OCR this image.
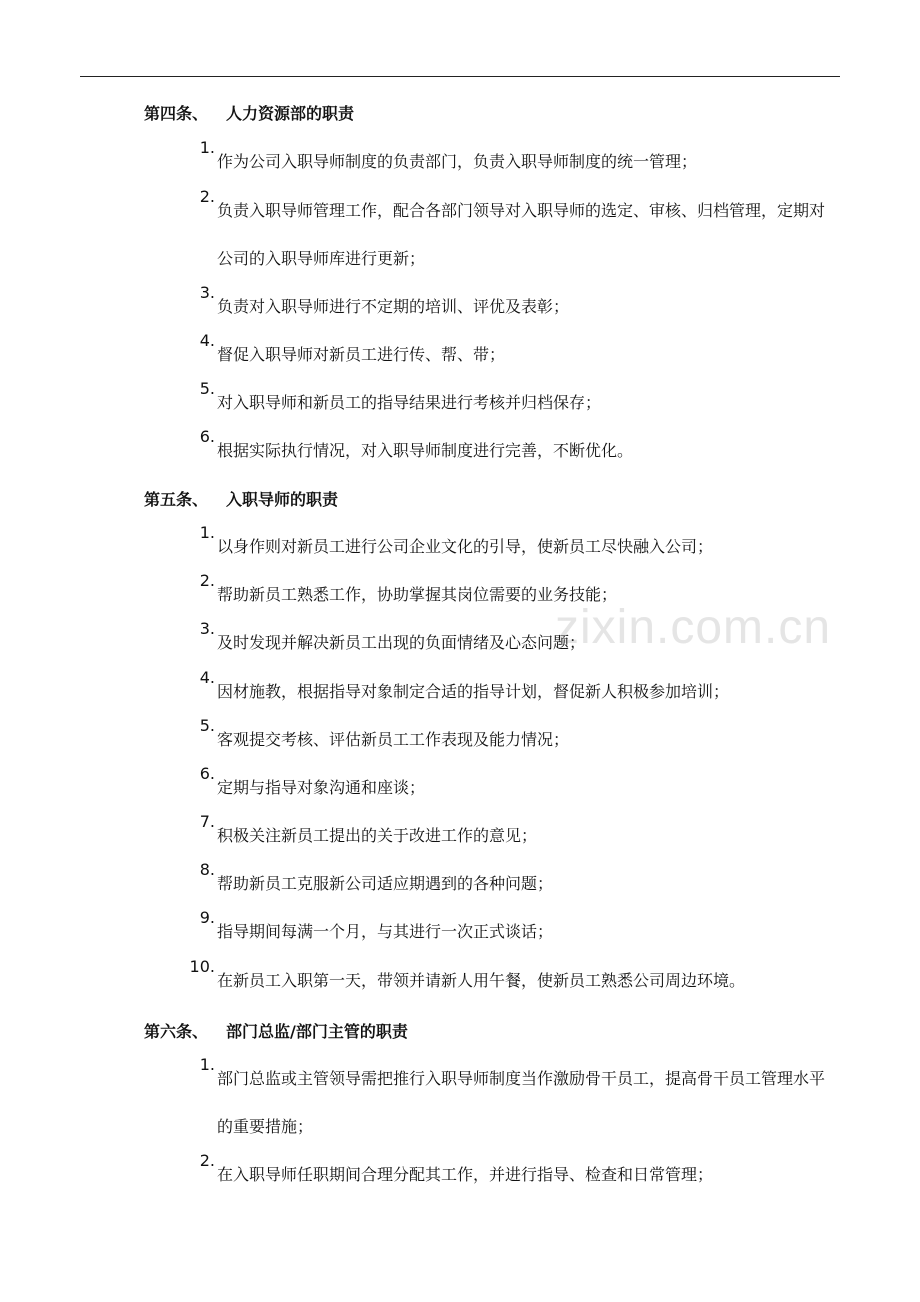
zixin.com.cn
第四条、 人力资源部的职责
1.
作为公司入职导师制度的负责部门，负责入职导师制度的统一管理；
2.
负责入职导师管理工作，配合各部门领导对入职导师的选定、审核、归档管理，定期对公司的入职导师库进行更新；
3.
负责对入职导师进行不定期的培训、评优及表彰；
4.
督促入职导师对新员工进行传、帮、带；
5.
对入职导师和新员工的指导结果进行考核并归档保存；
6.
根据实际执行情况，对入职导师制度进行完善，不断优化。
第五条、 入职导师的职责
1.
以身作则对新员工进行公司企业文化的引导，使新员工尽快融入公司；
2.
帮助新员工熟悉工作，协助掌握其岗位需要的业务技能；
3.
及时发现并解决新员工出现的负面情绪及心态问题；
4.
因材施教，根据指导对象制定合适的指导计划，督促新人积极参加培训；
5.
客观提交考核、评估新员工工作表现及能力情况；
6.
定期与指导对象沟通和座谈；
7.
积极关注新员工提出的关于改进工作的意见；
8.
帮助新员工克服新公司适应期遇到的各种问题；
9.
指导期间每满一个月，与其进行一次正式谈话；
10.
在新员工入职第一天，带领并请新人用午餐，使新员工熟悉公司周边环境。
第六条、 部门总监/部门主管的职责
1.
部门总监或主管领导需把推行入职导师制度当作激励骨干员工，提高骨干员工管理水平的重要措施；
2.
在入职导师任职期间合理分配其工作，并进行指导、检查和日常管理；
